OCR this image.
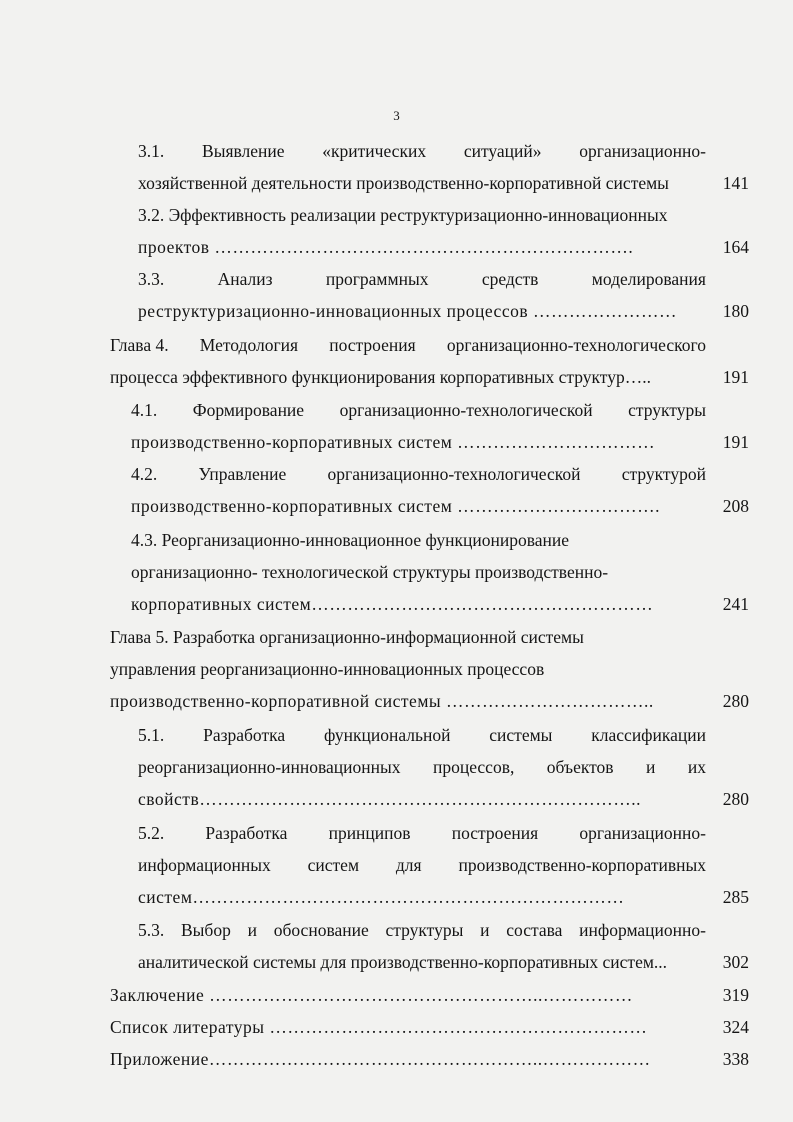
3
3.1. Выявление «критических ситуаций» организационно-
хозяйственной деятельности производственно-корпоративной системы	141
3.2. Эффективность реализации реструктуризационно-инновационных
проектов …………………………………………………………….	164
3.3.	Анализ	программных	средств	моделирования
реструктуризационно-инновационных процессов ……………………	180
Глава 4. Методология построения организационно-технологического
процесса эффективного функционирования корпоративных структур…..	191
4.1. Формирование организационно-технологической структуры
производственно-корпоративных систем ……………………………	191
4.2. Управление организационно-технологической структурой
производственно-корпоративных систем …………………………….	208
4.3. Реорганизационно-инновационное функционирование
организационно- технологической структуры производственно-
корпоративных систем…………………………………………………	241
Глава 5. Разработка организационно-информационной системы
управления реорганизационно-инновационных процессов
производственно-корпоративной системы ……………………………..	280
5.1. Разработка функциональной системы классификации
реорганизационно-инновационных процессов, объектов и их
свойств………………………………………………………………..	280
5.2. Разработка принципов построения организационно-
информационных систем для производственно-корпоративных
систем………………………………………………………………	285
5.3. Выбор и обоснование структуры и состава информационно-
аналитической системы для производственно-корпоративных систем...	302
Заключение ………………………………………………..……………	319
Список литературы ………………………………………………………	324
Приложение………………………………………………..………………	338
